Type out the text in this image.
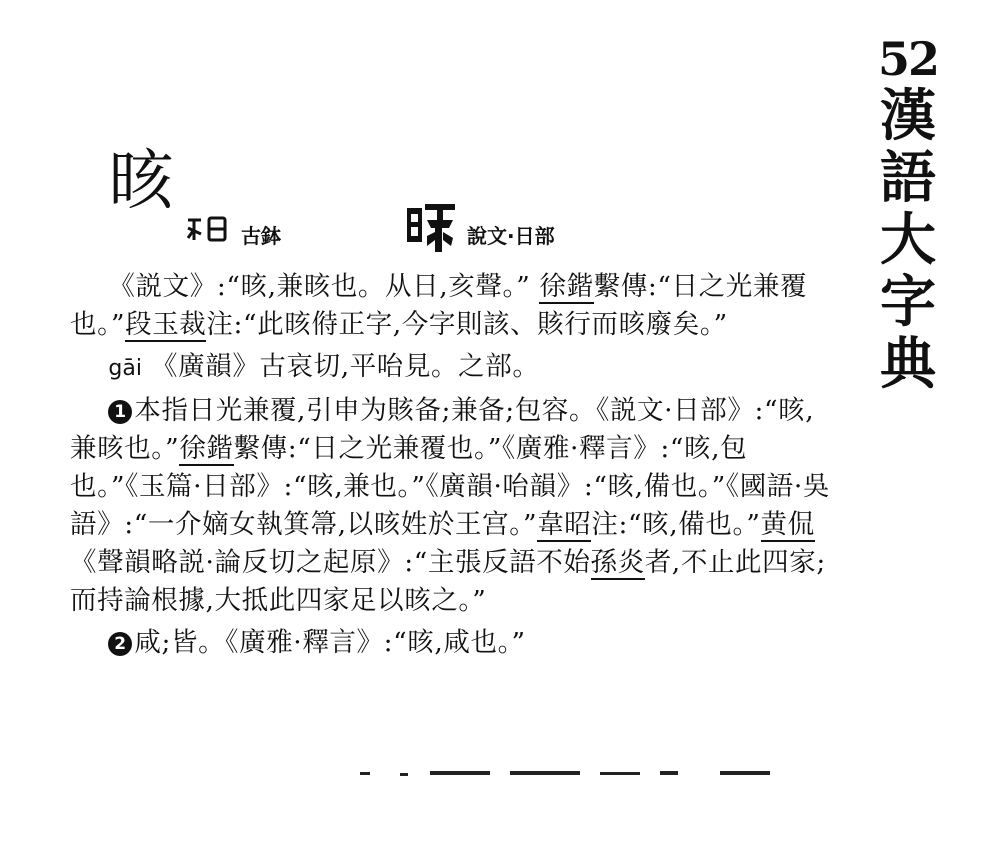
52
漢
語
大
字
典
晐
古鉢	說文·日部

《説文》:“晐,兼晐也。从日,亥聲。” 徐鍇繫傳:“日之光兼覆也。”段玉裁注:“此晐偫正字,今字則該、賅行而晐廢矣。”

gāi 《廣韻》古哀切,平咍見。之部。

1 本指日光兼覆,引申为賅备;兼备;包容。《説文·日部》:“晐,兼晐也。”徐鍇繫傳:“日之光兼覆也。”《廣雅·釋言》:“晐,包也。”《玉篇·日部》:“晐,兼也。”《廣韻·咍韻》:“晐,備也。”《國語·吳語》:“一介嫡女執箕箒,以晐姓於王宫。”韋昭注:“晐,備也。”黄侃《聲韻略説·論反切之起原》:“主張反語不始孫炎者,不止此四家;而持論根據,大抵此四家足以晐之。”

2 咸;皆。《廣雅·釋言》:“晐,咸也。”
